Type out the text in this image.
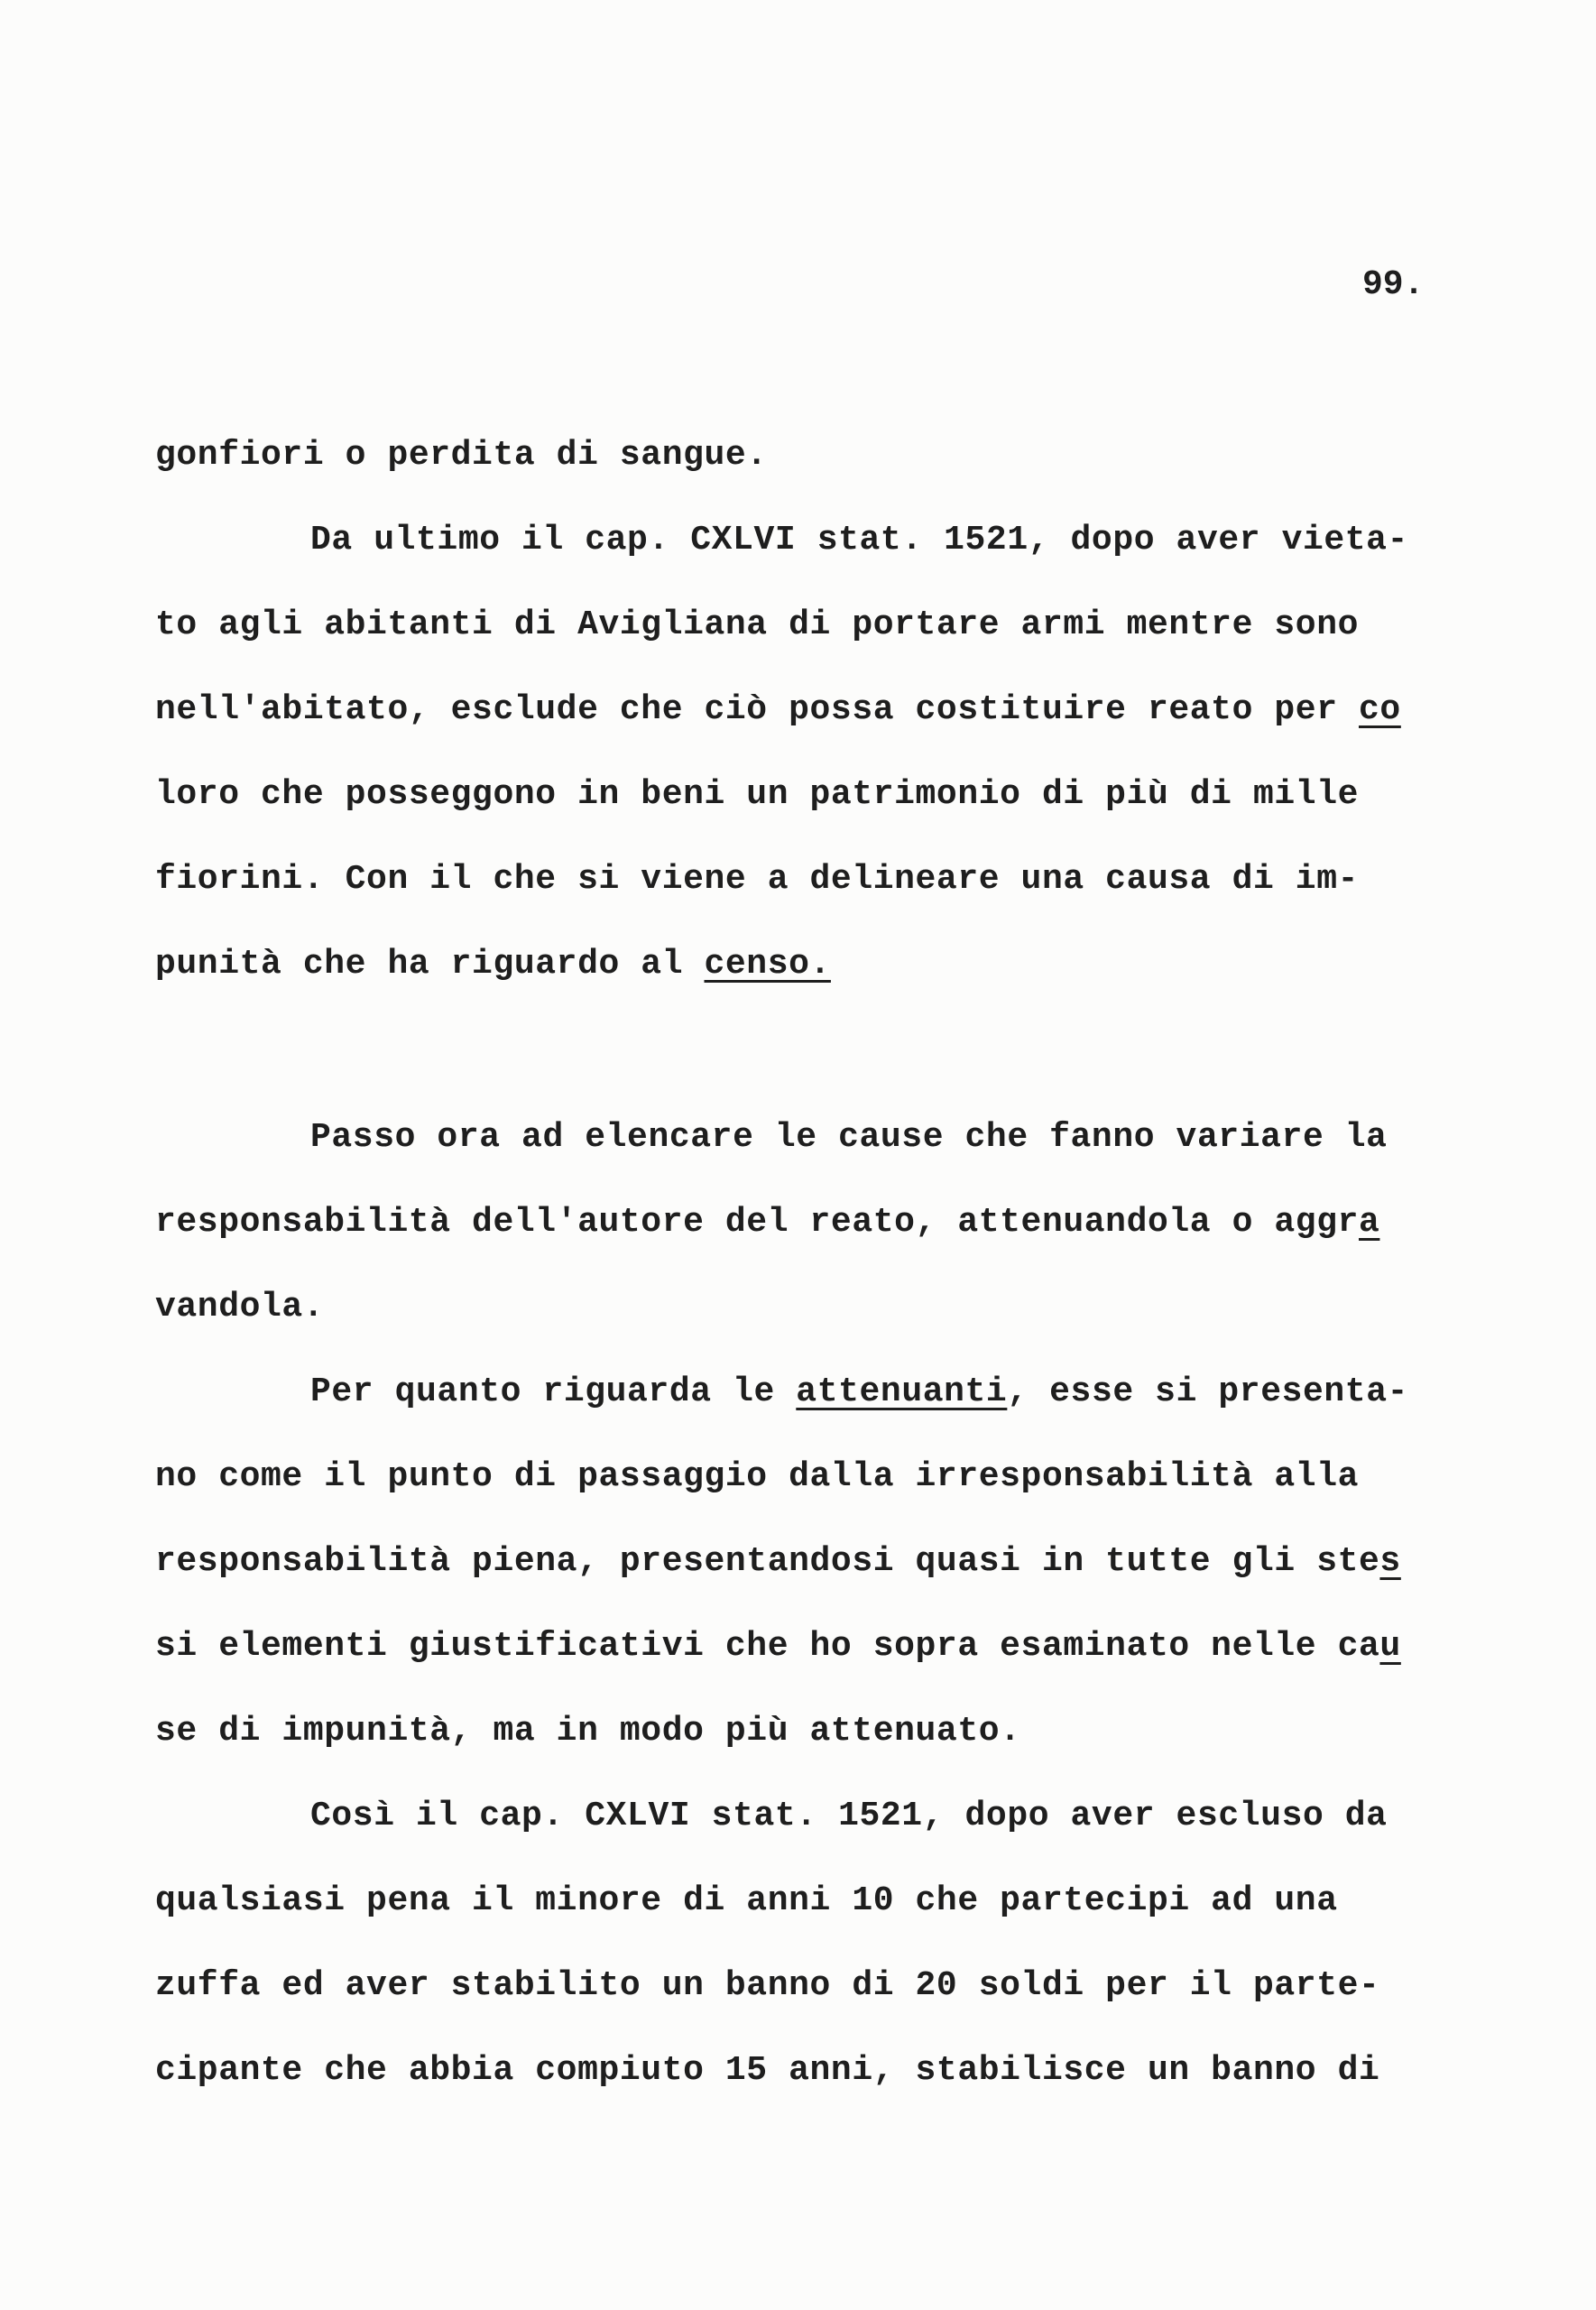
99.
gonfiori o perdita di sangue.
Da ultimo il cap. CXLVI stat. 1521, dopo aver vieta-
to agli abitanti di Avigliana di portare armi mentre sono
nell'abitato, esclude che ciò possa costituire reato per co
loro che posseggono in beni un patrimonio di più di mille
fiorini. Con il che si viene a delineare una causa di im-
punità che ha riguardo al censo.
Passo ora ad elencare le cause che fanno variare la
responsabilità dell'autore del reato, attenuandola o aggra
vandola.
Per quanto riguarda le attenuanti, esse si presenta-
no come il punto di passaggio dalla irresponsabilità alla
responsabilità piena, presentandosi quasi in tutte gli stes
si elementi giustificativi che ho sopra esaminato nelle cau
se di impunità, ma in modo più attenuato.
Così il cap. CXLVI stat. 1521, dopo aver escluso da
qualsiasi pena il minore di anni 10 che partecipi ad una
zuffa ed aver stabilito un banno di 20 soldi per il parte-
cipante che abbia compiuto 15 anni, stabilisce un banno di
